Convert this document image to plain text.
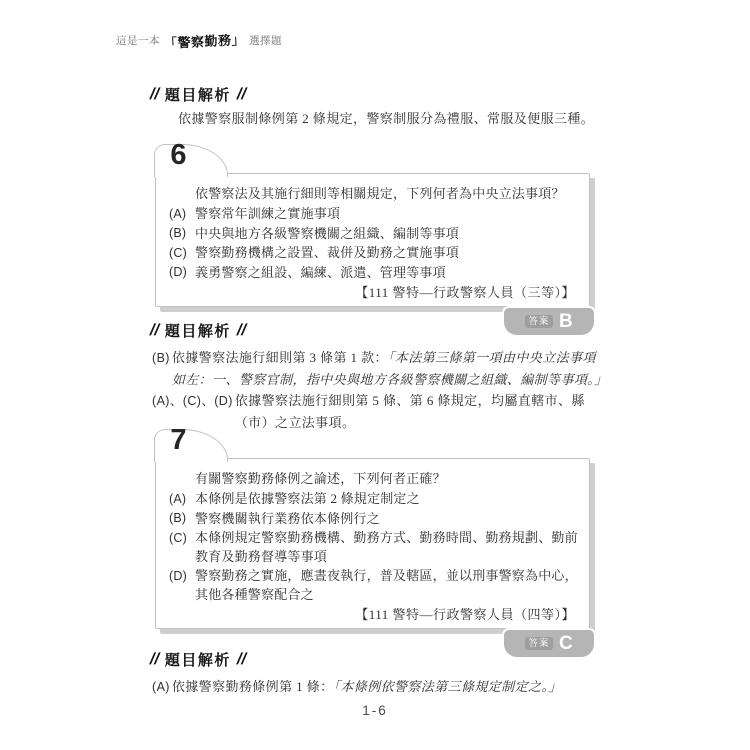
這是一本 「警察勤務」 選擇題
// 題目解析 //
依據警察服制條例第 2 條規定，警察制服分為禮服、常服及便服三種。
6
依警察法及其施行細則等相關規定，下列何者為中央立法事項？
(A) 警察常年訓練之實施事項
(B) 中央與地方各級警察機關之組織、編制等事項
(C) 警察勤務機構之設置、裁併及勤務之實施事項
(D) 義勇警察之組設、編練、派遣、管理等事項
【111 警特—行政警察人員（三等）】
答案 B
// 題目解析 //
(B) 依據警察法施行細則第 3 條第 1 款：「本法第三條第一項由中央立法事項如左：一、警察官制，指中央與地方各級警察機關之組織、編制等事項。」
(A)、(C)、(D) 依據警察法施行細則第 5 條、第 6 條規定，均屬直轄市、縣（市）之立法事項。
7
有關警察勤務條例之論述，下列何者正確？
(A) 本條例是依據警察法第 2 條規定制定之
(B) 警察機關執行業務依本條例行之
(C) 本條例規定警察勤務機構、勤務方式、勤務時間、勤務規劃、勤前教育及勤務督導等事項
(D) 警察勤務之實施，應晝夜執行，普及轄區，並以刑事警察為中心，其他各種警察配合之
【111 警特—行政警察人員（四等）】
答案 C
// 題目解析 //
(A) 依據警察勤務條例第 1 條：「本條例依警察法第三條規定制定之。」
1-6
